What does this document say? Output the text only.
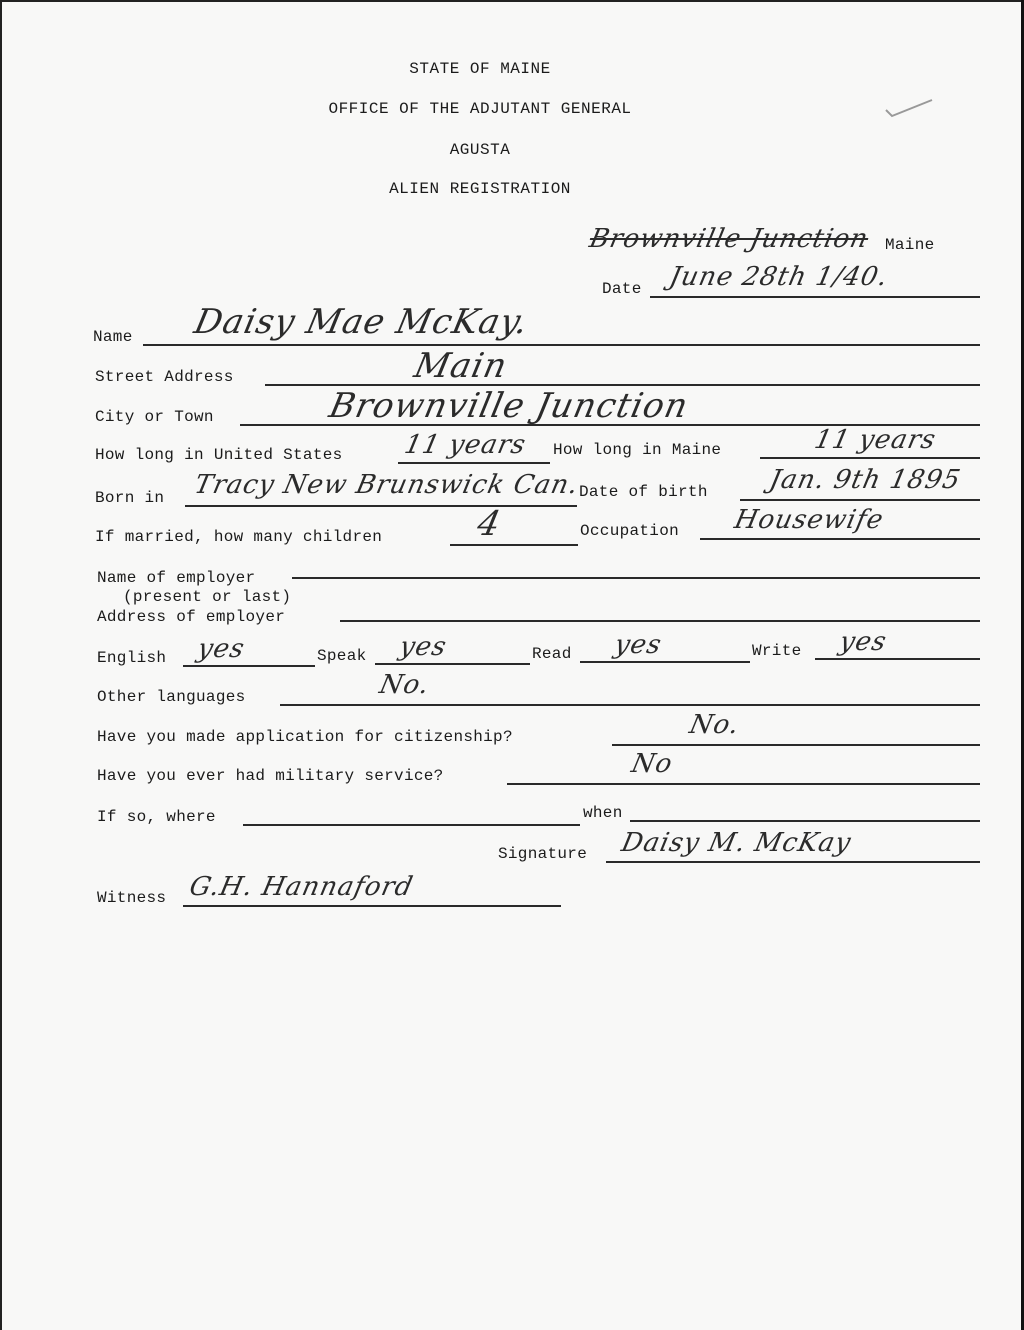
STATE OF MAINE
OFFICE OF THE ADJUTANT GENERAL
AGUSTA
ALIEN REGISTRATION
Brownville Junction Maine
Date June 28th 1/40.
Name Daisy Mae McKay.
Street Address	Main
City or Town	Brownville Junction
How long in United States 11 years How long in Maine	11 years
Born in Tracy New Brunswick Can.
Date of birth Jan. 9th 1895
If married, how many children	4	Occupation Housewife
Name of employer
(present or last)
Address of employer
English yes	Speak yes	Read yes	Write yes
Other languages	No.
Have you made application for citizenship?	No.
Have you ever had military service?	No
If so, where	when
Signature Daisy M. McKay
Witness G.H. Hannaford
